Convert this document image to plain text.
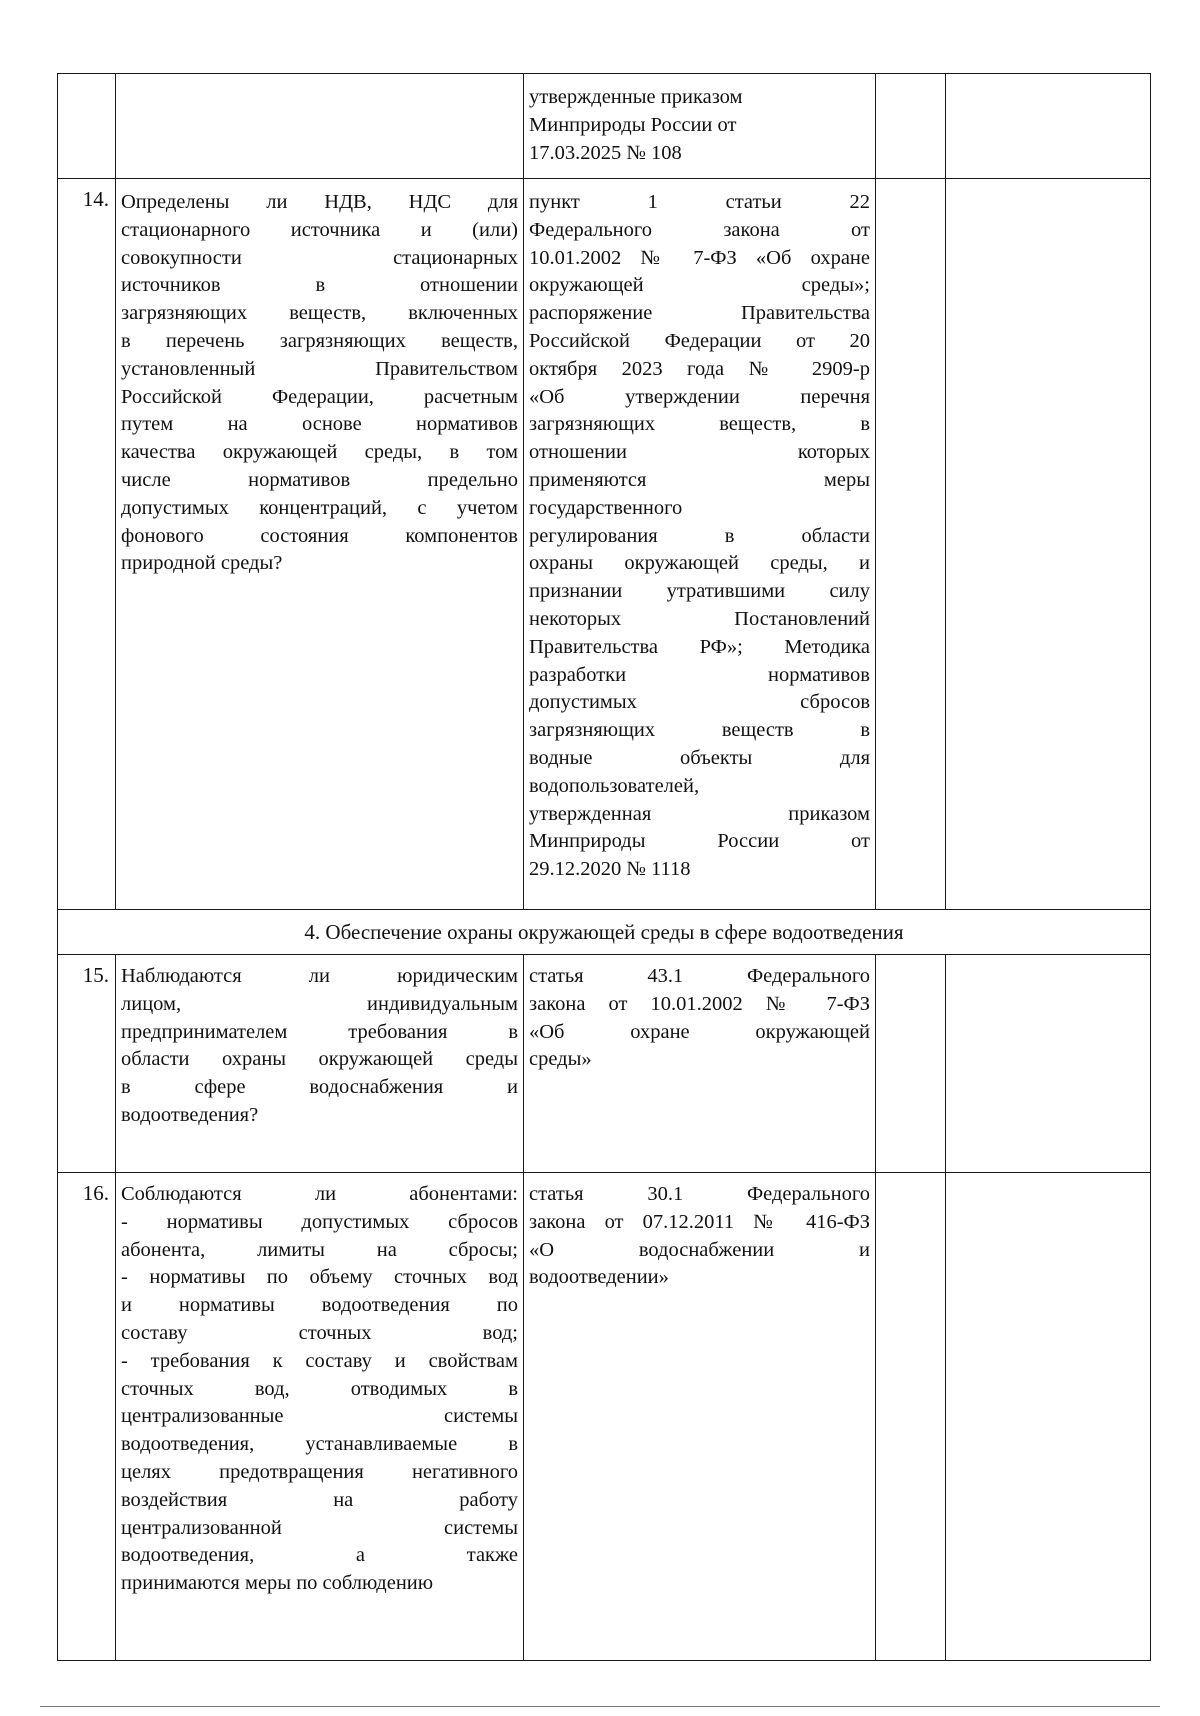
утвержденные приказом
Минприроды России от
17.03.2025 № 108
14. Определены ли НДВ, НДС для
стационарного источника и (или)
совокупности стационарных
источников в отношении
загрязняющих веществ, включенных
в перечень загрязняющих веществ,
установленный Правительством
Российской Федерации, расчетным
путем на основе нормативов
качества окружающей среды, в том
числе нормативов предельно
допустимых концентраций, с учетом
фонового состояния компонентов
природной среды?
пункт 1 статьи 22
Федерального закона от
10.01.2002 № 7-ФЗ «Об охране
окружающей среды»;
распоряжение Правительства
Российской Федерации от 20
октября 2023 года № 2909-р
«Об утверждении перечня
загрязняющих веществ, в
отношении которых
применяются меры
государственного
регулирования в области
охраны окружающей среды, и
признании утратившими силу
некоторых Постановлений
Правительства РФ»; Методика
разработки нормативов
допустимых сбросов
загрязняющих веществ в
водные объекты для
водопользователей,
утвержденная приказом
Минприроды России от
29.12.2020 № 1118
4. Обеспечение охраны окружающей среды в сфере водоотведения
15. Наблюдаются ли юридическим
лицом, индивидуальным
предпринимателем требования в
области охраны окружающей среды
в сфере водоснабжения и
водоотведения?
статья 43.1 Федерального
закона от 10.01.2002 № 7-ФЗ
«Об охране окружающей
среды»
16. Соблюдаются ли абонентами:
- нормативы допустимых сбросов
абонента, лимиты на сбросы;
- нормативы по объему сточных вод
и нормативы водоотведения по
составу сточных вод;
- требования к составу и свойствам
сточных вод, отводимых в
централизованные системы
водоотведения, устанавливаемые в
целях предотвращения негативного
воздействия на работу
централизованной системы
водоотведения, а также
принимаются меры по соблюдению
статья 30.1 Федерального
закона от 07.12.2011 № 416-ФЗ
«О водоснабжении и
водоотведении»
